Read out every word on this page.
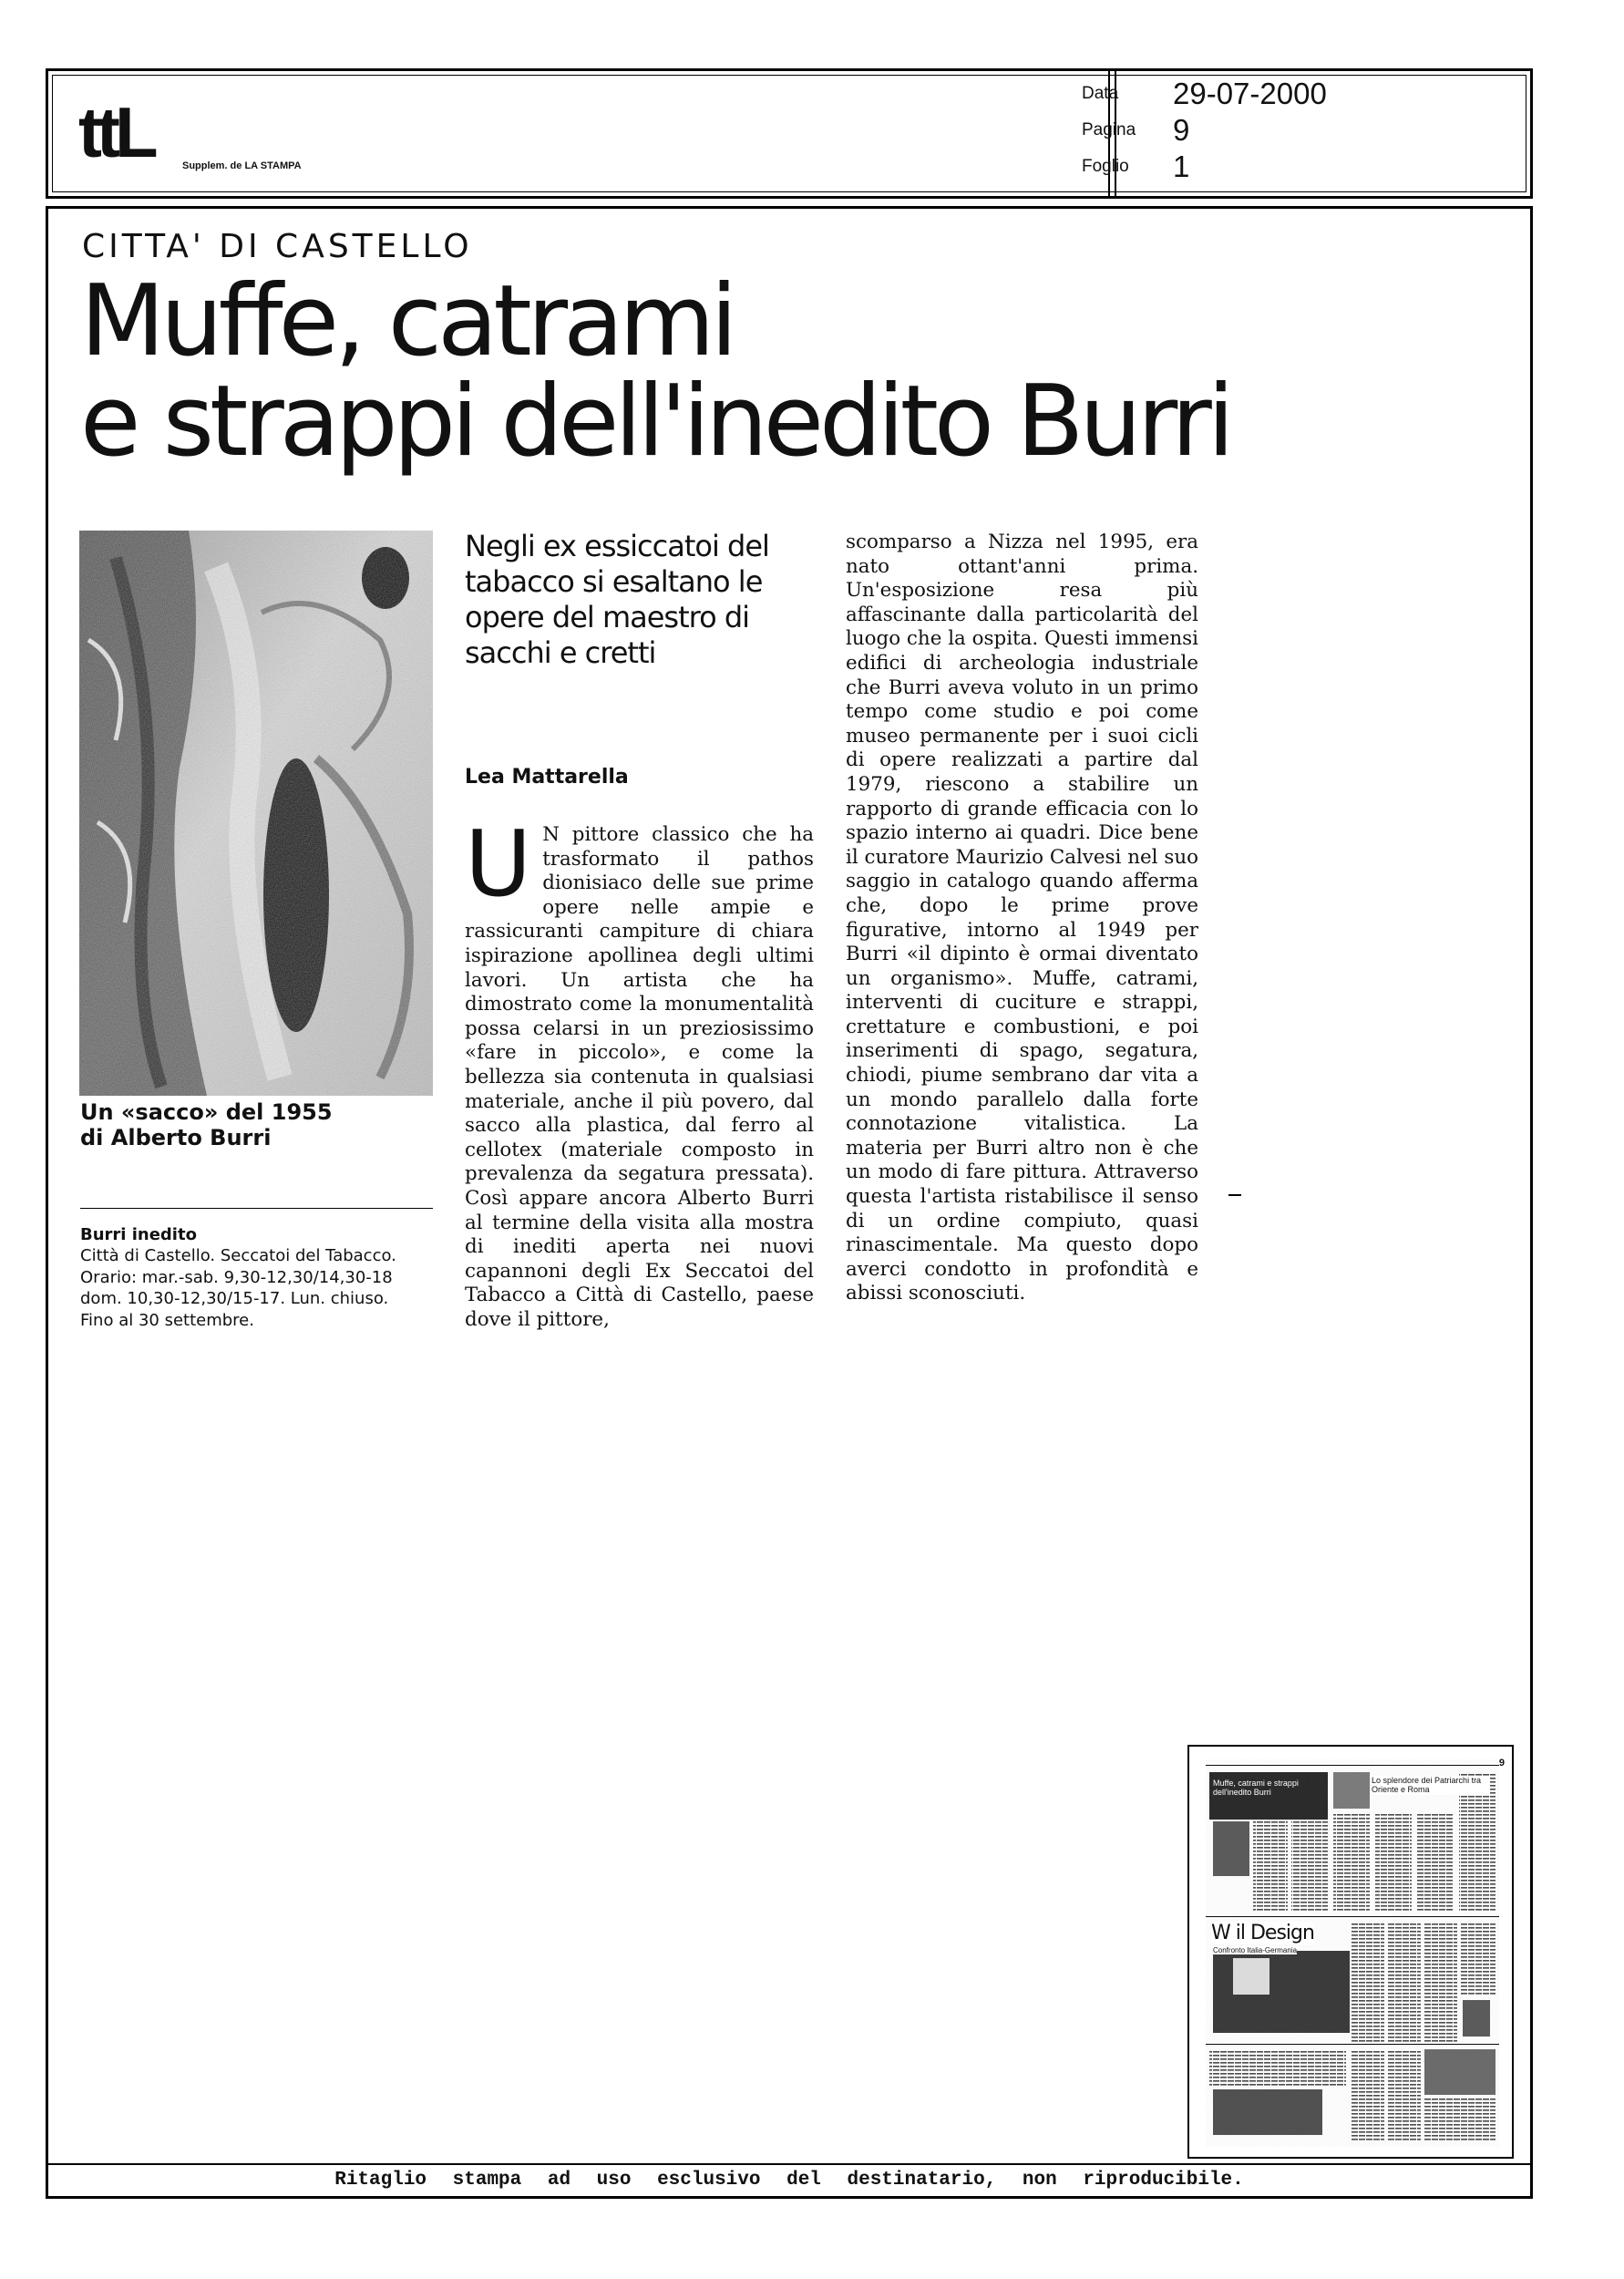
ttL	Supplem. de LA STAMPA
Data 29-07-2000
Pagina 9
Foglio 1
CITTA' DI CASTELLO
Muffe, catrami
e strappi dell'inedito Burri
Un «sacco» del 1955
di Alberto Burri
Burri inedito
Città di Castello. Seccatoi del Tabacco.
Orario: mar.-sab. 9,30-12,30/14,30-18
dom. 10,30-12,30/15-17. Lun. chiuso.
Fino al 30 settembre.
Negli ex essiccatoi del tabacco si esaltano le opere del maestro di sacchi e cretti
Lea Mattarella
U N pittore classico che ha trasformato il pathos dionisiaco delle sue prime opere nelle ampie e rassicuranti campiture di chiara ispirazione apollinea degli ultimi lavori. Un artista che ha dimostrato come la monumentalità possa celarsi in un preziosissimo «fare in piccolo», e come la bellezza sia contenuta in qualsiasi materiale, anche il più povero, dal sacco alla plastica, dal ferro al cellotex (materiale composto in prevalenza da segatura pressata). Così appare ancora Alberto Burri al termine della visita alla mostra di inediti aperta nei nuovi capannoni degli Ex Seccatoi del Tabacco a Città di Castello, paese dove il pittore,
scomparso a Nizza nel 1995, era nato ottant'anni prima. Un'esposizione resa più affascinante dalla particolarità del luogo che la ospita. Questi immensi edifici di archeologia industriale che Burri aveva voluto in un primo tempo come studio e poi come museo permanente per i suoi cicli di opere realizzati a partire dal 1979, riescono a stabilire un rapporto di grande efficacia con lo spazio interno ai quadri. Dice bene il curatore Maurizio Calvesi nel suo saggio in catalogo quando afferma che, dopo le prime prove figurative, intorno al 1949 per Burri «il dipinto è ormai diventato un organismo». Muffe, catrami, interventi di cuciture e strappi, crettature e combustioni, e poi inserimenti di spago, segatura, chiodi, piume sembrano dar vita a un mondo parallelo dalla forte connotazione vitalistica. La materia per Burri altro non è che un modo di fare pittura. Attraverso questa l'artista ristabilisce il senso di un ordine compiuto, quasi rinascimentale. Ma questo dopo averci condotto in profondità e abissi sconosciuti.
9
Muffe, catrami e strappi dell'inedito Burri
Lo splendore dei Patriarchi tra Oriente e Roma
W il Design
Confronto Italia-Germania
Ritaglio stampa ad uso esclusivo del destinatario, non riproducibile.
